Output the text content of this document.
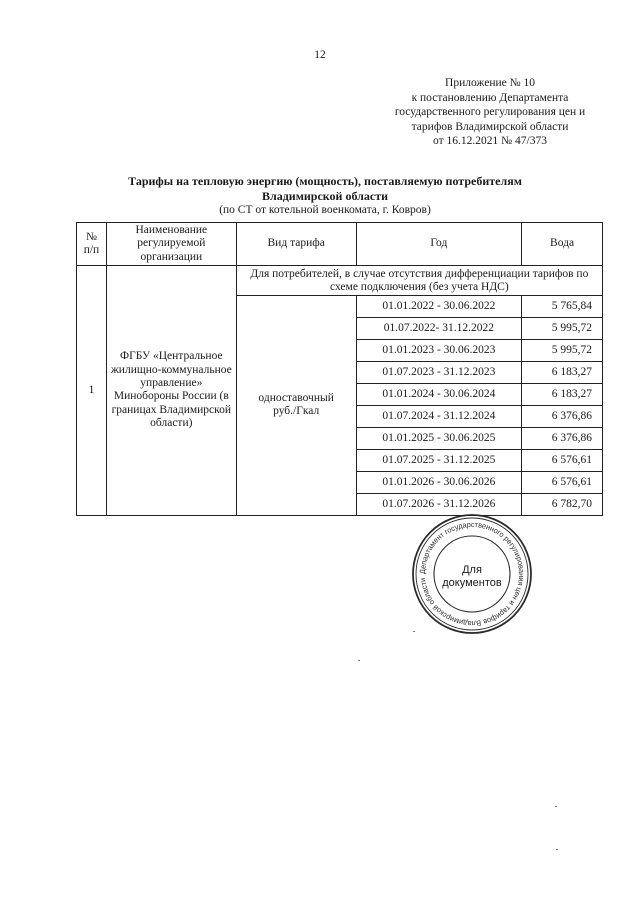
12
Приложение № 10
к постановлению Департамента
государственного регулирования цен и
тарифов Владимирской области
от 16.12.2021 № 47/373
Тарифы на тепловую энергию (мощность), поставляемую потребителям
Владимирской области
(по СТ от котельной военкомата, г. Ковров)
№ п/п	Наименование регулируемой организации	Вид тарифа	Год	Вода
1	ФГБУ «Центральное жилищно-коммунальное управление» Минобороны России (в границах Владимирской области)	Для потребителей, в случае отсутствия дифференциации тарифов по схеме подключения (без учета НДС)		
		одноставочный руб./Гкал	01.01.2022 - 30.06.2022	5 765,84
			01.07.2022- 31.12.2022	5 995,72
			01.01.2023 - 30.06.2023	5 995,72
			01.07.2023 - 31.12.2023	6 183,27
			01.01.2024 - 30.06.2024	6 183,27
			01.07.2024 - 31.12.2024	6 376,86
			01.01.2025 - 30.06.2025	6 376,86
			01.07.2025 - 31.12.2025	6 576,61
			01.01.2026 - 30.06.2026	6 576,61
			01.07.2026 - 31.12.2026	6 782,70
Департамент государственного регулирования цен и тарифов Владимирской области
Для
документов
